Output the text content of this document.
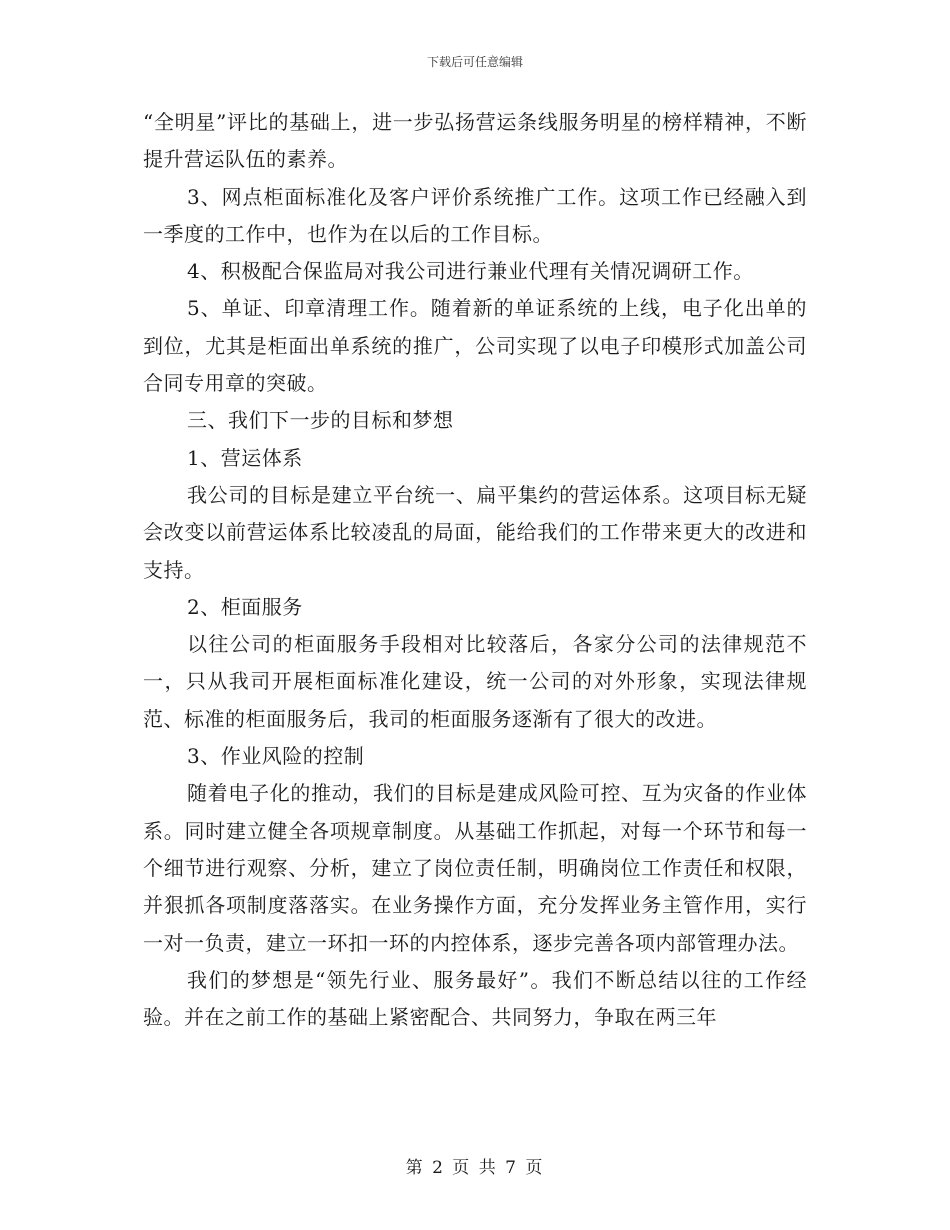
下载后可任意编辑

“全明星”评比的基础上，进一步弘扬营运条线服务明星的榜样精神，不断提升营运队伍的素养。

3、网点柜面标准化及客户评价系统推广工作。这项工作已经融入到一季度的工作中，也作为在以后的工作目标。

4、积极配合保监局对我公司进行兼业代理有关情况调研工作。

5、单证、印章清理工作。随着新的单证系统的上线，电子化出单的到位，尤其是柜面出单系统的推广，公司实现了以电子印模形式加盖公司合同专用章的突破。

三、我们下一步的目标和梦想

1、营运体系

我公司的目标是建立平台统一、扁平集约的营运体系。这项目标无疑会改变以前营运体系比较凌乱的局面，能给我们的工作带来更大的改进和支持。

2、柜面服务

以往公司的柜面服务手段相对比较落后，各家分公司的法律规范不一，只从我司开展柜面标准化建设，统一公司的对外形象，实现法律规范、标准的柜面服务后，我司的柜面服务逐渐有了很大的改进。

3、作业风险的控制

随着电子化的推动，我们的目标是建成风险可控、互为灾备的作业体系。同时建立健全各项规章制度。从基础工作抓起，对每一个环节和每一个细节进行观察、分析，建立了岗位责任制，明确岗位工作责任和权限，并狠抓各项制度落落实。在业务操作方面，充分发挥业务主管作用，实行一对一负责，建立一环扣一环的内控体系，逐步完善各项内部管理办法。

我们的梦想是“领先行业、服务最好”。我们不断总结以往的工作经验。并在之前工作的基础上紧密配合、共同努力，争取在两三年

第 2 页 共 7 页
